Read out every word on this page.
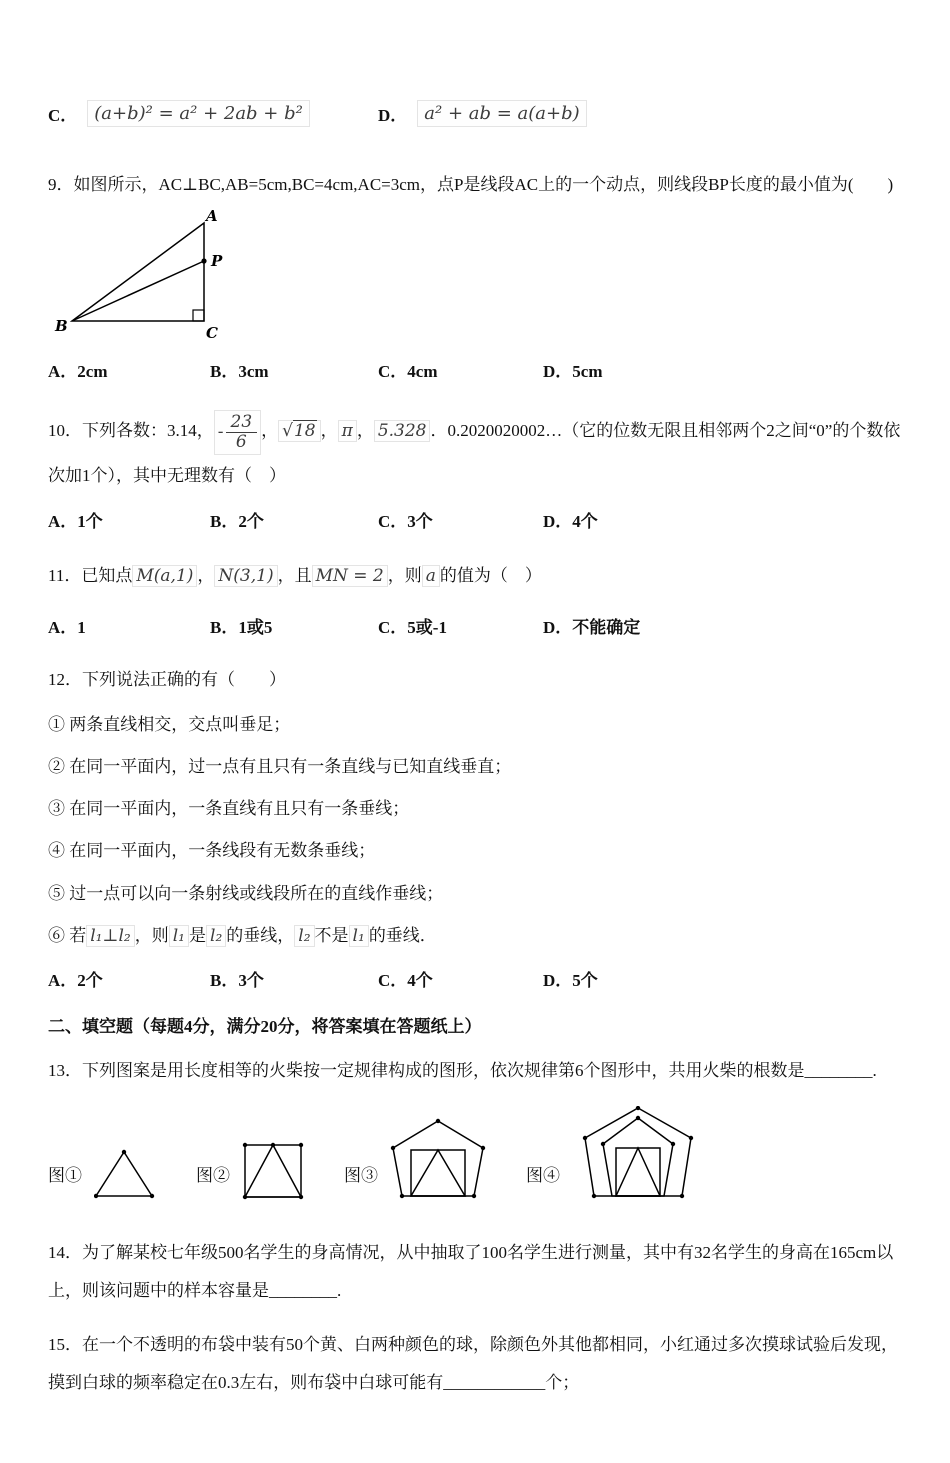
C． (a+b)² = a² + 2ab + b²	D． a² + ab = a(a+b)

9．如图所示，AC⊥BC,AB=5cm,BC=4cm,AC=3cm，点P是线段AC上的一个动点，则线段BP长度的最小值为(　　)

A
P
B	C
A．2cm	B．3cm	C．4cm	D．5cm

10．下列各数：3.14， - $\frac{23}{6}$ ， √18 ， π ， 5.328 ．0.2020020002…（它的位数无限且相邻两个2之间“0”的个数依次加1个），其中无理数有（　）

A．1个	B．2个	C．3个	D．4个

11．已知点 M(a,1) ， N(3,1) ，且 MN = 2 ，则 a 的值为（　）

A．1	B．1或5	C．5或-1	D．不能确定

12．下列说法正确的有（　　）

① 两条直线相交，交点叫垂足；

② 在同一平面内，过一点有且只有一条直线与已知直线垂直；

③ 在同一平面内，一条直线有且只有一条垂线；

④ 在同一平面内，一条线段有无数条垂线；

⑤ 过一点可以向一条射线或线段所在的直线作垂线；

⑥ 若 l₁⊥l₂ ，则 l₁ 是 l₂ 的垂线， l₂ 不是 l₁ 的垂线．

A．2个	B．3个	C．4个	D．5个

二、填空题（每题4分，满分20分，将答案填在答题纸上）

13．下列图案是用长度相等的火柴按一定规律构成的图形，依次规律第6个图形中，共用火柴的根数是________.

图①	图②	图③	图④

14．为了解某校七年级500名学生的身高情况，从中抽取了100名学生进行测量，其中有32名学生的身高在165cm以上，则该问题中的样本容量是________.

15．在一个不透明的布袋中装有50个黄、白两种颜色的球，除颜色外其他都相同，小红通过多次摸球试验后发现，摸到白球的频率稳定在0.3左右，则布袋中白球可能有____________个；
